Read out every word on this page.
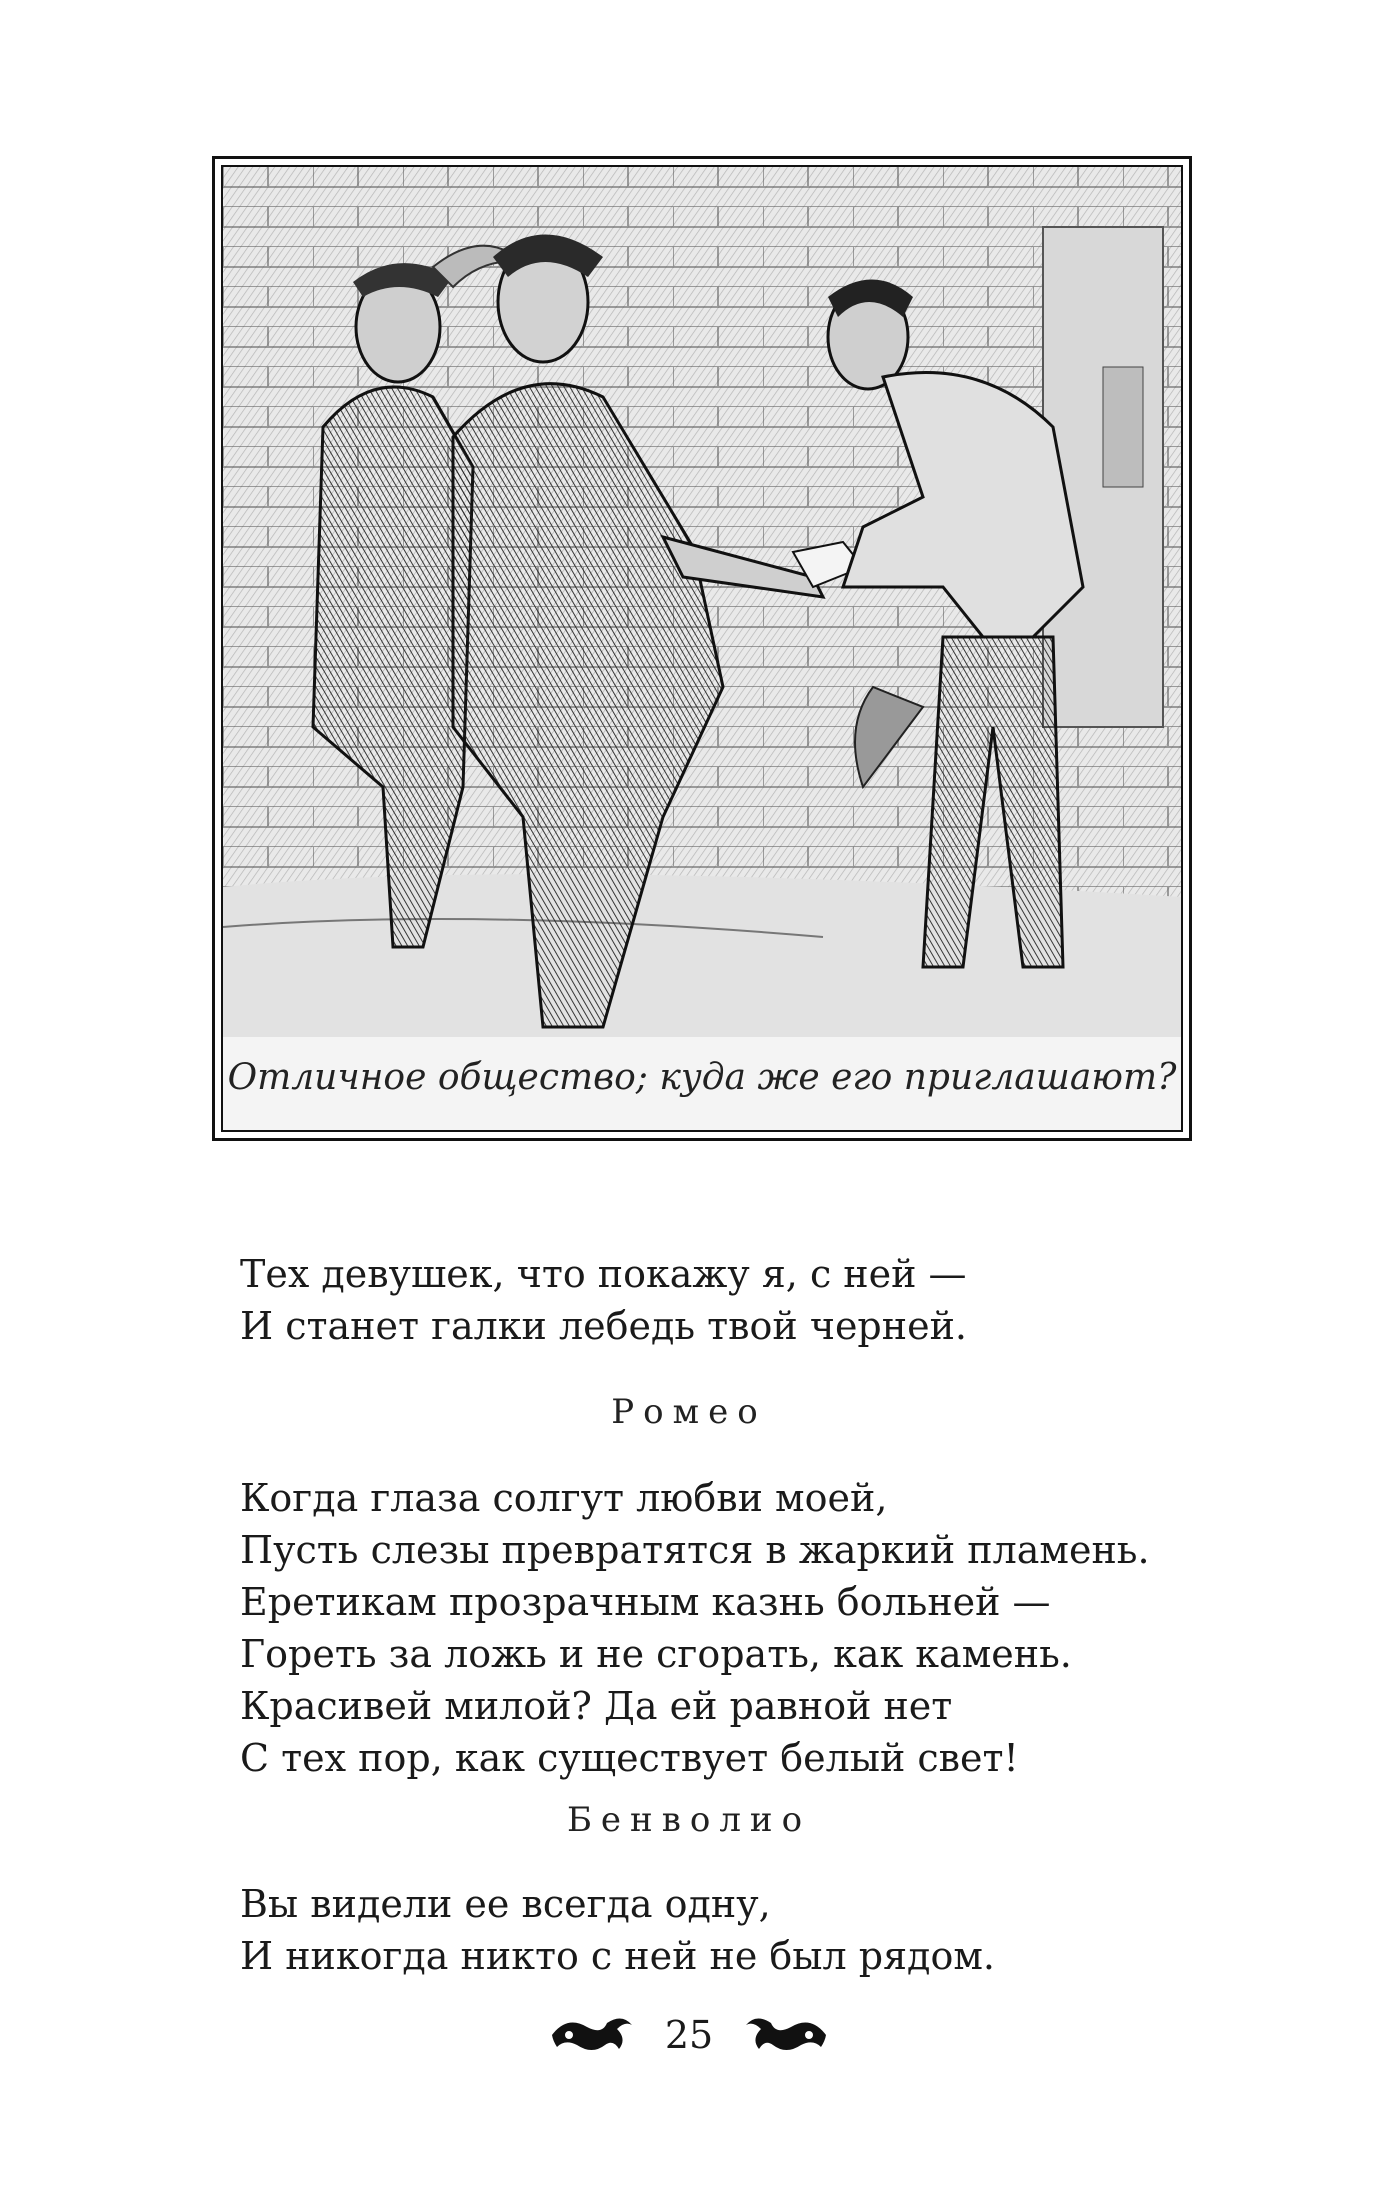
Отличное общество; куда же его приглашают?
Тех девушек, что покажу я, с ней —
И станет галки лебедь твой черней.
Ромео
Когда глаза солгут любви моей,
Пусть слезы превратятся в жаркий пламень.
Еретикам прозрачным казнь больней —
Гореть за ложь и не сгорать, как камень.
Красивей милой? Да ей равной нет
С тех пор, как существует белый свет!
Бенволио
Вы видели ее всегда одну,
И никогда никто с ней не был рядом.
25
